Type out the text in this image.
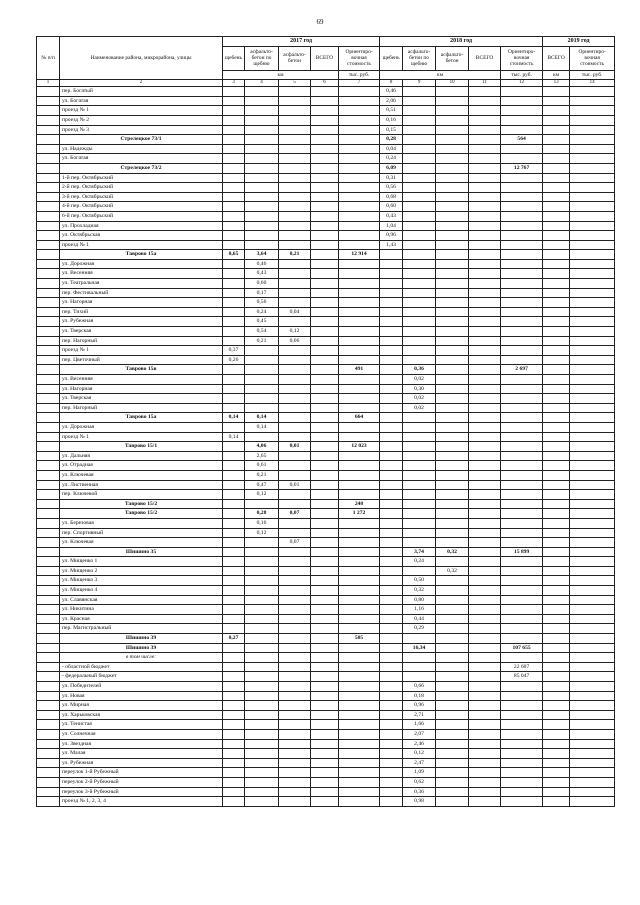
69
№ п/п	Наименование района, микрорайона, улицы	2017 год					2018 год					2019 год		
		щебень	асфальто-бетон по щебню	асфальто-бетон	ВСЕГО	Ориентиро-вочная стоимость	щебень	асфальто-бетон по щебню	асфальто-бетон	ВСЕГО	Ориентиро-вочная стоимость	ВСЕГО	Ориентиро-вочная стоимость	
		км				тыс. руб.	км				тыс. руб.	км	тыс. руб.	
1	2	3	4	5	6	7	8	9	10	11	12	13	14	
	пер. Богатый						0,46							
	ул. Богатая						2,06							
	проезд № 1						0,51							
	проезд № 2						0,16							
	проезд № 3						0,15							
	Стрелецкое 73/1						0,28				564			
	ул. Надежды						0,04							
	ул. Богатая						0,24							
	Стрелецкое 73/2						6,09				12 767			
	1-й пер. Октябрьский						0,31							
	2-й пер. Октябрьский						0,56							
	3-й пер. Октябрьский						0,68							
	4-й пер. Октябрьский						0,60							
	6-й пер. Октябрьский						0,43							
	ул. Прохладная						1,04							
	ул. Октябрьская						0,96							
	проезд № 1						1,43							
	Таврово 15а	0,65	3,64	0,21		12 914								
	ул. Дорожная		0,46											
	ул. Весенняя		0,43											
	ул. Театральная		0,60											
	пер. Фестивальный		0,17											
	ул. Нагорная		0,56											
	пер. Тихий		0,24	0,04										
	ул. Рубежная		0,45											
	ул. Тверская		0,54	0,12										
	пер. Нагорный		0,21	0,06										
	проезд № 1	0,37												
	пер. Цветочный	0,26												
	Таврово 15в					491		0,36			2 697			
	ул. Весенняя							0,02						
	ул. Нагорная							0,30						
	ул. Тверская							0,02						
	пер. Нагорный							0,02						
	Таврово 15а	0,14	0,14			664								
	ул. Дорожная		0,14											
	проезд № 1	0,14												
	Таврово 15/1		4,06	0,01		12 023								
	ул. Дальняя		2,65											
	ул. Отрадная		0,61											
	ул. Ключевая		0,21											
	ул. Лиственная		0,47	0,01										
	пер. Ключевой		0,12											
	Таврово 15/2					248								
	Таврово 15/2		0,28	0,07		1 272								
	ул. Березовая		0,16											
	пер. Спортивный		0,12											
	ул. Ключевая			0,07										
	Шишино 35							3,74	0,32		15 899			
	ул. Мищенко 1							0,24						
	ул. Мищенко 2								0,32					
	ул. Мищенко 3							0,50						
	ул. Мищенко 4							0,32						
	ул. Славянская							0,80						
	ул. Никитина							1,16						
	ул. Красная							0,44						
	пер. Магистральный							0,29						
	Шишино 39	0,27				505								
	Шишино 39							16,34			107 655			
	в том числе:													
	- областной бюджет										22 607			
	- федеральный бюджет										85 047			
	ул. Победителей							0,66						
	ул. Новая							0,18						
	ул. Мирная							0,96						
	ул. Харьковская							2,71						
	ул. Тенистая							1,66						
	ул. Солнечная							2,07						
	ул. Звездная							2,46						
	ул. Малая							0,12						
	ул. Рубежная							2,47						
	переулок 1-й Рубежный							1,09						
	переулок 2-й Рубежный							0,62						
	переулок 3-й Рубежный							0,36						
	проезд № 1, 2, 3, 4							0,98						
